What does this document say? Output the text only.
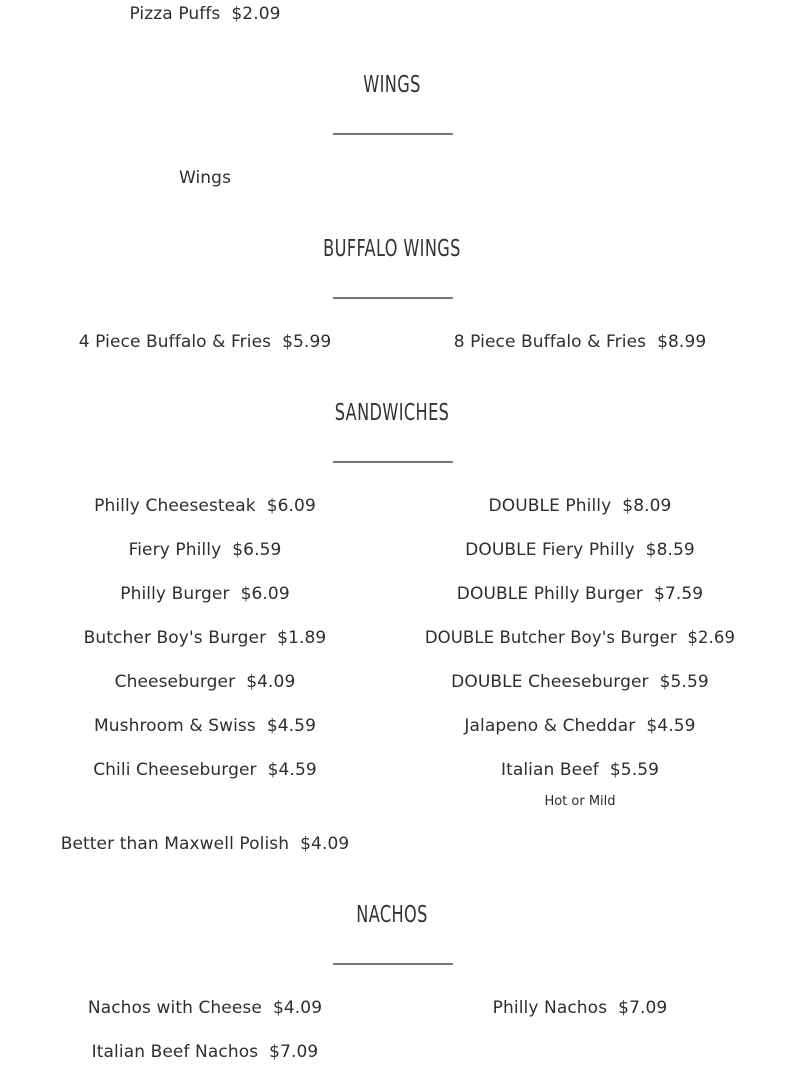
Pizza Puffs  $2.09
WINGS
Wings
BUFFALO WINGS
4 Piece Buffalo & Fries  $5.99	8 Piece Buffalo & Fries  $8.99
SANDWICHES
Philly Cheesesteak  $6.09	DOUBLE Philly  $8.09
Fiery Philly  $6.59	DOUBLE Fiery Philly  $8.59
Philly Burger  $6.09	DOUBLE Philly Burger  $7.59
Butcher Boy's Burger  $1.89	DOUBLE Butcher Boy's Burger  $2.69
Cheeseburger  $4.09	DOUBLE Cheeseburger  $5.59
Mushroom & Swiss  $4.59	Jalapeno & Cheddar  $4.59
Chili Cheeseburger  $4.59	Italian Beef  $5.59
Hot or Mild
Better than Maxwell Polish  $4.09
NACHOS
Nachos with Cheese  $4.09	Philly Nachos  $7.09
Italian Beef Nachos  $7.09
